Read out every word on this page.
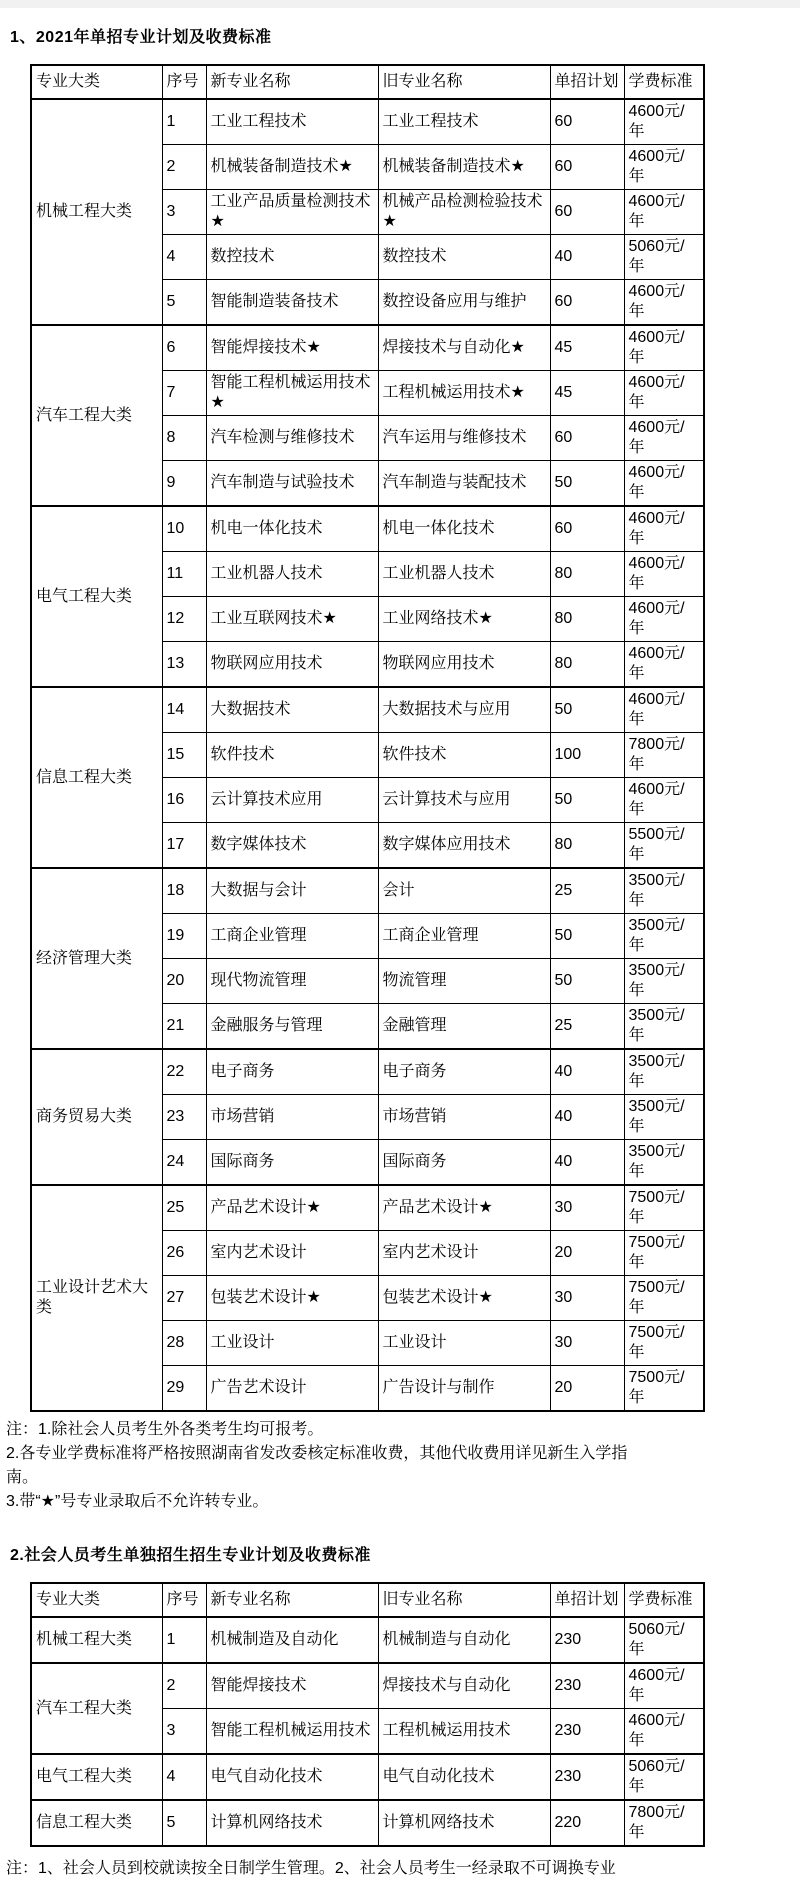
1、2021年单招专业计划及收费标准
专业大类	序号	新专业名称	旧专业名称	单招计划	学费标准
机械工程大类	1	工业工程技术	工业工程技术	60	4600元/年
	2	机械装备制造技术★	机械装备制造技术★	60	4600元/年
	3	工业产品质量检测技术★	机械产品检测检验技术★	60	4600元/年
	4	数控技术	数控技术	40	5060元/年
	5	智能制造装备技术	数控设备应用与维护	60	4600元/年
汽车工程大类	6	智能焊接技术★	焊接技术与自动化★	45	4600元/年
	7	智能工程机械运用技术★	工程机械运用技术★	45	4600元/年
	8	汽车检测与维修技术	汽车运用与维修技术	60	4600元/年
	9	汽车制造与试验技术	汽车制造与装配技术	50	4600元/年
电气工程大类	10	机电一体化技术	机电一体化技术	60	4600元/年
	11	工业机器人技术	工业机器人技术	80	4600元/年
	12	工业互联网技术★	工业网络技术★	80	4600元/年
	13	物联网应用技术	物联网应用技术	80	4600元/年
信息工程大类	14	大数据技术	大数据技术与应用	50	4600元/年
	15	软件技术	软件技术	100	7800元/年
	16	云计算技术应用	云计算技术与应用	50	4600元/年
	17	数字媒体技术	数字媒体应用技术	80	5500元/年
经济管理大类	18	大数据与会计	会计	25	3500元/年
	19	工商企业管理	工商企业管理	50	3500元/年
	20	现代物流管理	物流管理	50	3500元/年
	21	金融服务与管理	金融管理	25	3500元/年
商务贸易大类	22	电子商务	电子商务	40	3500元/年
	23	市场营销	市场营销	40	3500元/年
	24	国际商务	国际商务	40	3500元/年
工业设计艺术大类	25	产品艺术设计★	产品艺术设计★	30	7500元/年
	26	室内艺术设计	室内艺术设计	20	7500元/年
	27	包装艺术设计★	包装艺术设计★	30	7500元/年
	28	工业设计	工业设计	30	7500元/年
	29	广告艺术设计	广告设计与制作	20	7500元/年

注：1.除社会人员考生外各类考生均可报考。

2.各专业学费标准将严格按照湖南省发改委核定标准收费，其他代收费用详见新生入学指南。

3.带“★”号专业录取后不允许转专业。

2.社会人员考生单独招生招生专业计划及收费标准
专业大类	序号	新专业名称	旧专业名称	单招计划	学费标准
机械工程大类	1	机械制造及自动化	机械制造与自动化	230	5060元/年
汽车工程大类	2	智能焊接技术	焊接技术与自动化	230	4600元/年
	3	智能工程机械运用技术	工程机械运用技术	230	4600元/年
电气工程大类	4	电气自动化技术	电气自动化技术	230	5060元/年
信息工程大类	5	计算机网络技术	计算机网络技术	220	7800元/年

注：1、社会人员到校就读按全日制学生管理。2、社会人员考生一经录取不可调换专业
